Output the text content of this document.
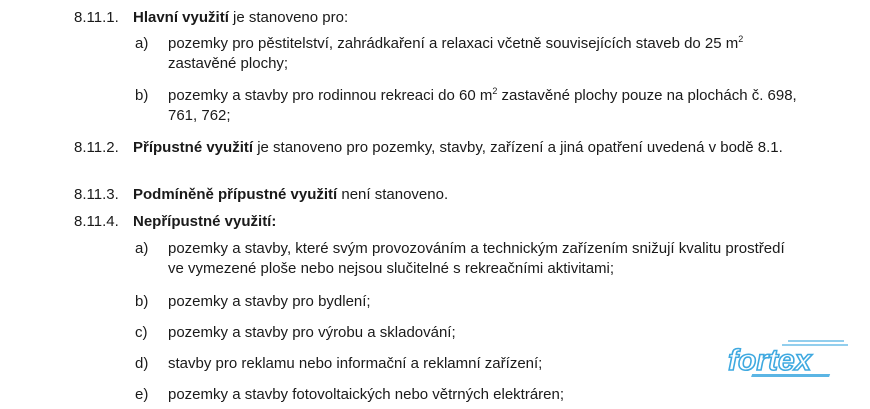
8.11.1. Hlavní využití je stanoveno pro:
a) pozemky pro pěstitelství, zahrádkaření a relaxaci včetně souvisejících staveb do 25 $m^2$ zastavěné plochy;
b) pozemky a stavby pro rodinnou rekreaci do 60 $m^2$ zastavěné plochy pouze na plochách č. 698, 761, 762;
8.11.2. Přípustné využití je stanoveno pro pozemky, stavby, zařízení a jiná opatření uvedená v bodě 8.1.
8.11.3. Podmíněně přípustné využití není stanoveno.
8.11.4. Nepřípustné využití:
a) pozemky a stavby, které svým provozováním a technickým zařízením snižují kvalitu prostředí ve vymezené ploše nebo nejsou slučitelné s rekreačními aktivitami;
b) pozemky a stavby pro bydlení;
c) pozemky a stavby pro výrobu a skladování;
d) stavby pro reklamu nebo informační a reklamní zařízení;
e) pozemky a stavby fotovoltaických nebo větrných elektráren;
fortex
